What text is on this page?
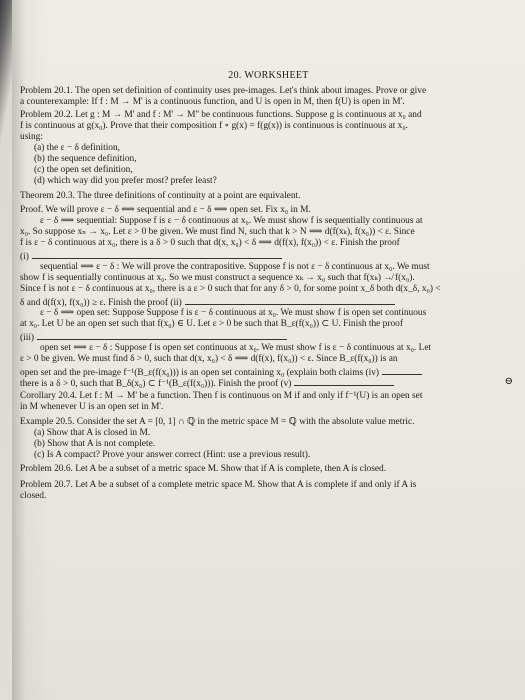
20. WORKSHEET
Problem 20.1. The open set definition of continuity uses pre-images. Let's think about images. Prove or give
a counterexample: If f : M → M' is a continuous function, and U is open in M, then f(U) is open in M'.
Problem 20.2. Let g : M → M' and f : M' → M'' be continuous functions. Suppose g is continuous at x₀ and
f is continuous at g(x₀). Prove that their composition f ∘ g(x) = f(g(x)) is continuous is continuous at x₀.
using:
(a) the ε − δ definition,
(b) the sequence definition,
(c) the open set definition,
(d) which way did you prefer most? prefer least?
Theorem 20.3. The three definitions of continuity at a point are equivalent.
Proof. We will prove ε − δ ⟺ sequential and ε − δ ⟺ open set. Fix x₀ in M.
ε − δ ⟹ sequential: Suppose f is ε − δ continuous at x₀. We must show f is sequentially continuous at
x₀. So suppose xₙ → x₀. Let ε > 0 be given. We must find N, such that k > N ⟹ d(f(xₖ), f(x₀)) < ε. Since
f is ε − δ continuous at x₀, there is a δ > 0 such that d(x, x₀) < δ ⟹ d(f(x), f(x₀)) < ε. Finish the proof
(i)
sequential ⟹ ε − δ : We will prove the contrapositive. Suppose f is not ε − δ continuous at x₀. We must
show f is sequentially continuous at x₀. So we must construct a sequence xₖ → x₀ such that f(xₖ) ↛ f(x₀).
Since f is not ε − δ continuous at x₀, there is a ε > 0 such that for any δ > 0, for some point x_δ both d(x_δ, x₀) <
δ and d(f(x), f(x₀)) ≥ ε. Finish the proof (ii)
ε − δ ⟹ open set: Suppose Suppose f is ε − δ continuous at x₀. We must show f is open set continuous
at x₀. Let U be an open set such that f(x₀) ∈ U. Let ε > 0 be such that B_ε(f(x₀)) ⊂ U. Finish the proof
(iii)
open set ⟹ ε − δ : Suppose f is open set continuous at x₀. We must show f is ε − δ continuous at x₀. Let
ε > 0 be given. We must find δ > 0, such that d(x, x₀) < δ ⟹ d(f(x), f(x₀)) < ε. Since B_ε(f(x₀)) is an
open set and the pre-image f⁻¹(B_ε(f(x₀))) is an open set containing x₀ (explain both claims (iv)
there is a δ > 0, such that B_δ(x₀) ⊂ f⁻¹(B_ε(f(x₀))). Finish the proof (v)
Corollary 20.4. Let f : M → M' be a function. Then f is continuous on M if and only if f⁻¹(U) is an open set
in M whenever U is an open set in M'.
Example 20.5. Consider the set A = [0, 1] ∩ ℚ in the metric space M = ℚ with the absolute value metric.
(a) Show that A is closed in M.
(b) Show that A is not complete.
(c) Is A compact? Prove your answer correct (Hint: use a previous result).
Problem 20.6. Let A be a subset of a metric space M. Show that if A is complete, then A is closed.
Problem 20.7. Let A be a subset of a complete metric space M. Show that A is complete if and only if A is
closed.
⊖
